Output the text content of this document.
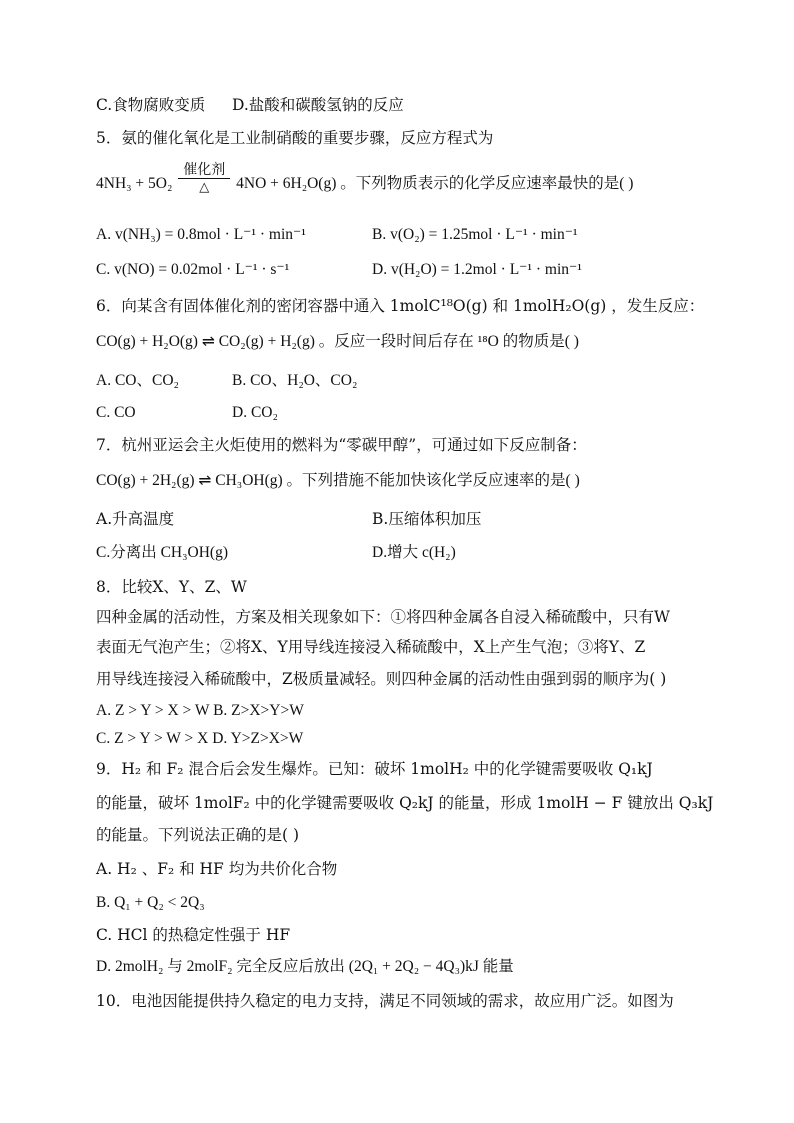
C.食物腐败变质 D.盐酸和碳酸氢钠的反应
5．氨的催化氧化是工业制硝酸的重要步骤，反应方程式为
$4NH_3 + 5O_2 \frac{\text{催化剂}}{\triangle} 4NO + 6H_2O(g)$ 。下列物质表示的化学反应速率最快的是( )
A. v(NH₃) = 0.8mol · L⁻¹ · min⁻¹	B. v(O₂) = 1.25mol · L⁻¹ · min⁻¹
C. v(NO) = 0.02mol · L⁻¹ · s⁻¹	D. v(H₂O) = 1.2mol · L⁻¹ · min⁻¹
6．向某含有固体催化剂的密闭容器中通入 1molC¹⁸O(g) 和 1molH₂O(g) ，发生反应：
CO(g) + H₂O(g) ⇌ CO₂(g) + H₂(g) 。反应一段时间后存在 ¹⁸O 的物质是( )
A. CO、CO₂	B. CO、H₂O、CO₂
C. CO	D. CO₂
7．杭州亚运会主火炬使用的燃料为“零碳甲醇”，可通过如下反应制备：
CO(g) + 2H₂(g) ⇌ CH₃OH(g) 。下列措施不能加快该化学反应速率的是( )
A.升高温度	B.压缩体积加压
C.分离出 CH₃OH(g)	D.增大 c(H₂)
8．比较X、Y、Z、W
四种金属的活动性，方案及相关现象如下：①将四种金属各自浸入稀硫酸中，只有W
表面无气泡产生；②将X、Y用导线连接浸入稀硫酸中，X上产生气泡；③将Y、Z
用导线连接浸入稀硫酸中，Z极质量减轻。则四种金属的活动性由强到弱的顺序为( )
A. Z > Y > X > W B. Z>X>Y>W
C. Z > Y > W > X D. Y>Z>X>W
9．H₂ 和 F₂ 混合后会发生爆炸。已知：破坏 1molH₂ 中的化学键需要吸收 Q₁kJ
的能量，破坏 1molF₂ 中的化学键需要吸收 Q₂kJ 的能量，形成 1molH − F 键放出 Q₃kJ
的能量。下列说法正确的是( )
A. H₂ 、F₂ 和 HF 均为共价化合物
B. Q₁ + Q₂ < 2Q₃
C. HCl 的热稳定性强于 HF
D. 2molH₂ 与 2molF₂ 完全反应后放出 (2Q₁ + 2Q₂ − 4Q₃)kJ 能量
10．电池因能提供持久稳定的电力支持，满足不同领域的需求，故应用广泛。如图为
